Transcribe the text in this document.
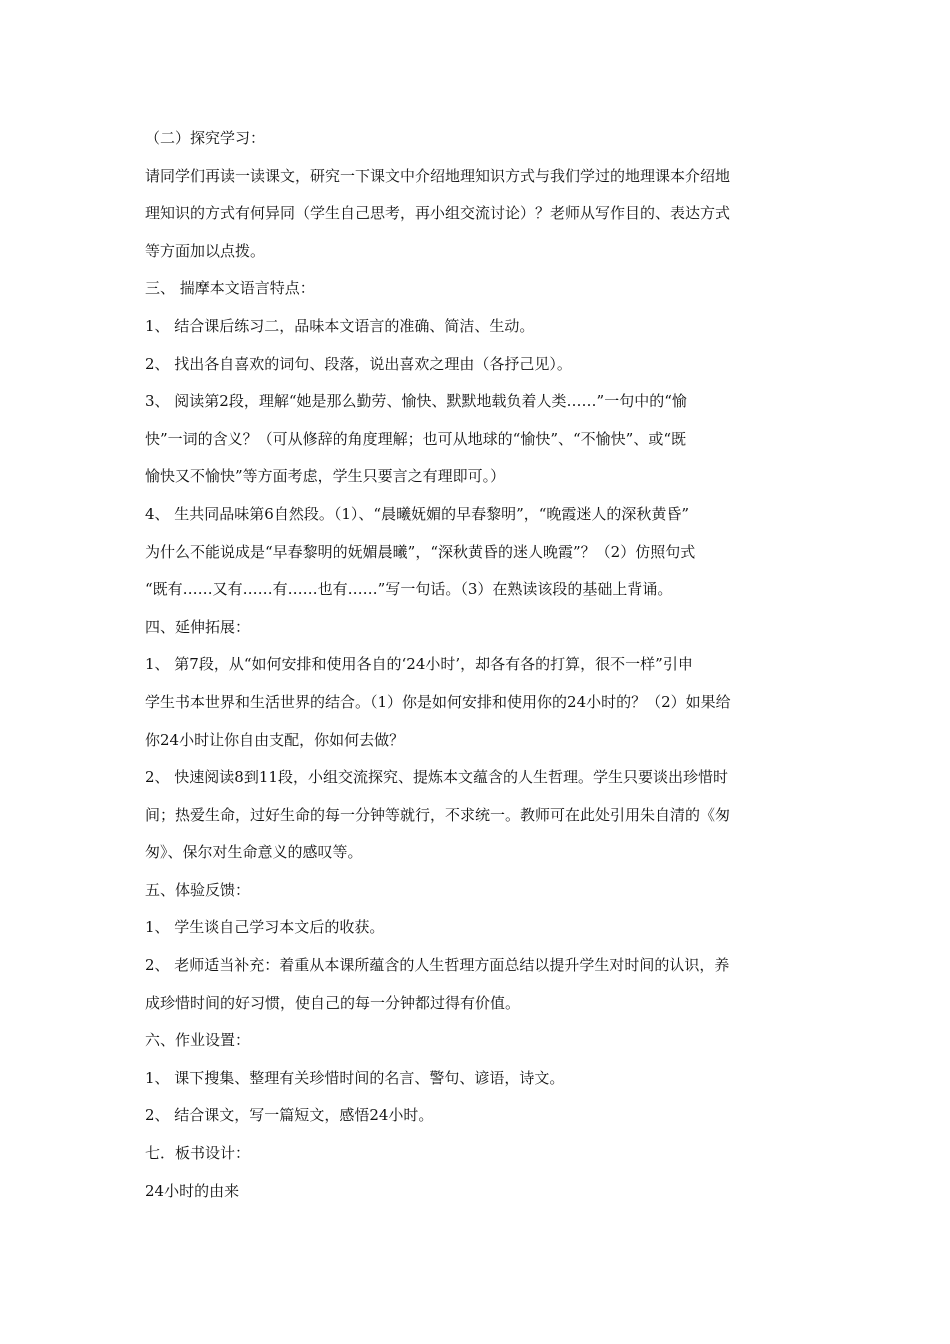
（二）探究学习：
请同学们再读一读课文，研究一下课文中介绍地理知识方式与我们学过的地理课本介绍地
理知识的方式有何异同（学生自己思考，再小组交流讨论）？老师从写作目的、表达方式
等方面加以点拨。
三、 揣摩本文语言特点：
1、 结合课后练习二，品味本文语言的准确、简洁、生动。
2、 找出各自喜欢的词句、段落，说出喜欢之理由（各抒己见）。
3、 阅读第2段，理解“她是那么勤劳、愉快、默默地载负着人类……”一句中的“愉
快”一词的含义？（可从修辞的角度理解；也可从地球的“愉快”、“不愉快”、或“既
愉快又不愉快”等方面考虑，学生只要言之有理即可。）
4、 生共同品味第6自然段。（1）、“晨曦妩媚的早春黎明”，“晚霞迷人的深秋黄昏”
为什么不能说成是“早春黎明的妩媚晨曦”，“深秋黄昏的迷人晚霞”？（2）仿照句式
“既有……又有……有……也有……”写一句话。（3）在熟读该段的基础上背诵。
四、延伸拓展：
1、 第7段，从“如何安排和使用各自的‘24小时’，却各有各的打算，很不一样”引申
学生书本世界和生活世界的结合。（1）你是如何安排和使用你的24小时的？（2）如果给
你24小时让你自由支配，你如何去做？
2、 快速阅读8到11段，小组交流探究、提炼本文蕴含的人生哲理。学生只要谈出珍惜时
间；热爱生命，过好生命的每一分钟等就行，不求统一。教师可在此处引用朱自清的《匆
匆》、保尔对生命意义的感叹等。
五、体验反馈：
1、 学生谈自己学习本文后的收获。
2、 老师适当补充：着重从本课所蕴含的人生哲理方面总结以提升学生对时间的认识，养
成珍惜时间的好习惯，使自己的每一分钟都过得有价值。
六、作业设置：
1、 课下搜集、整理有关珍惜时间的名言、警句、谚语，诗文。
2、 结合课文，写一篇短文，感悟24小时。
七．板书设计：
24小时的由来
